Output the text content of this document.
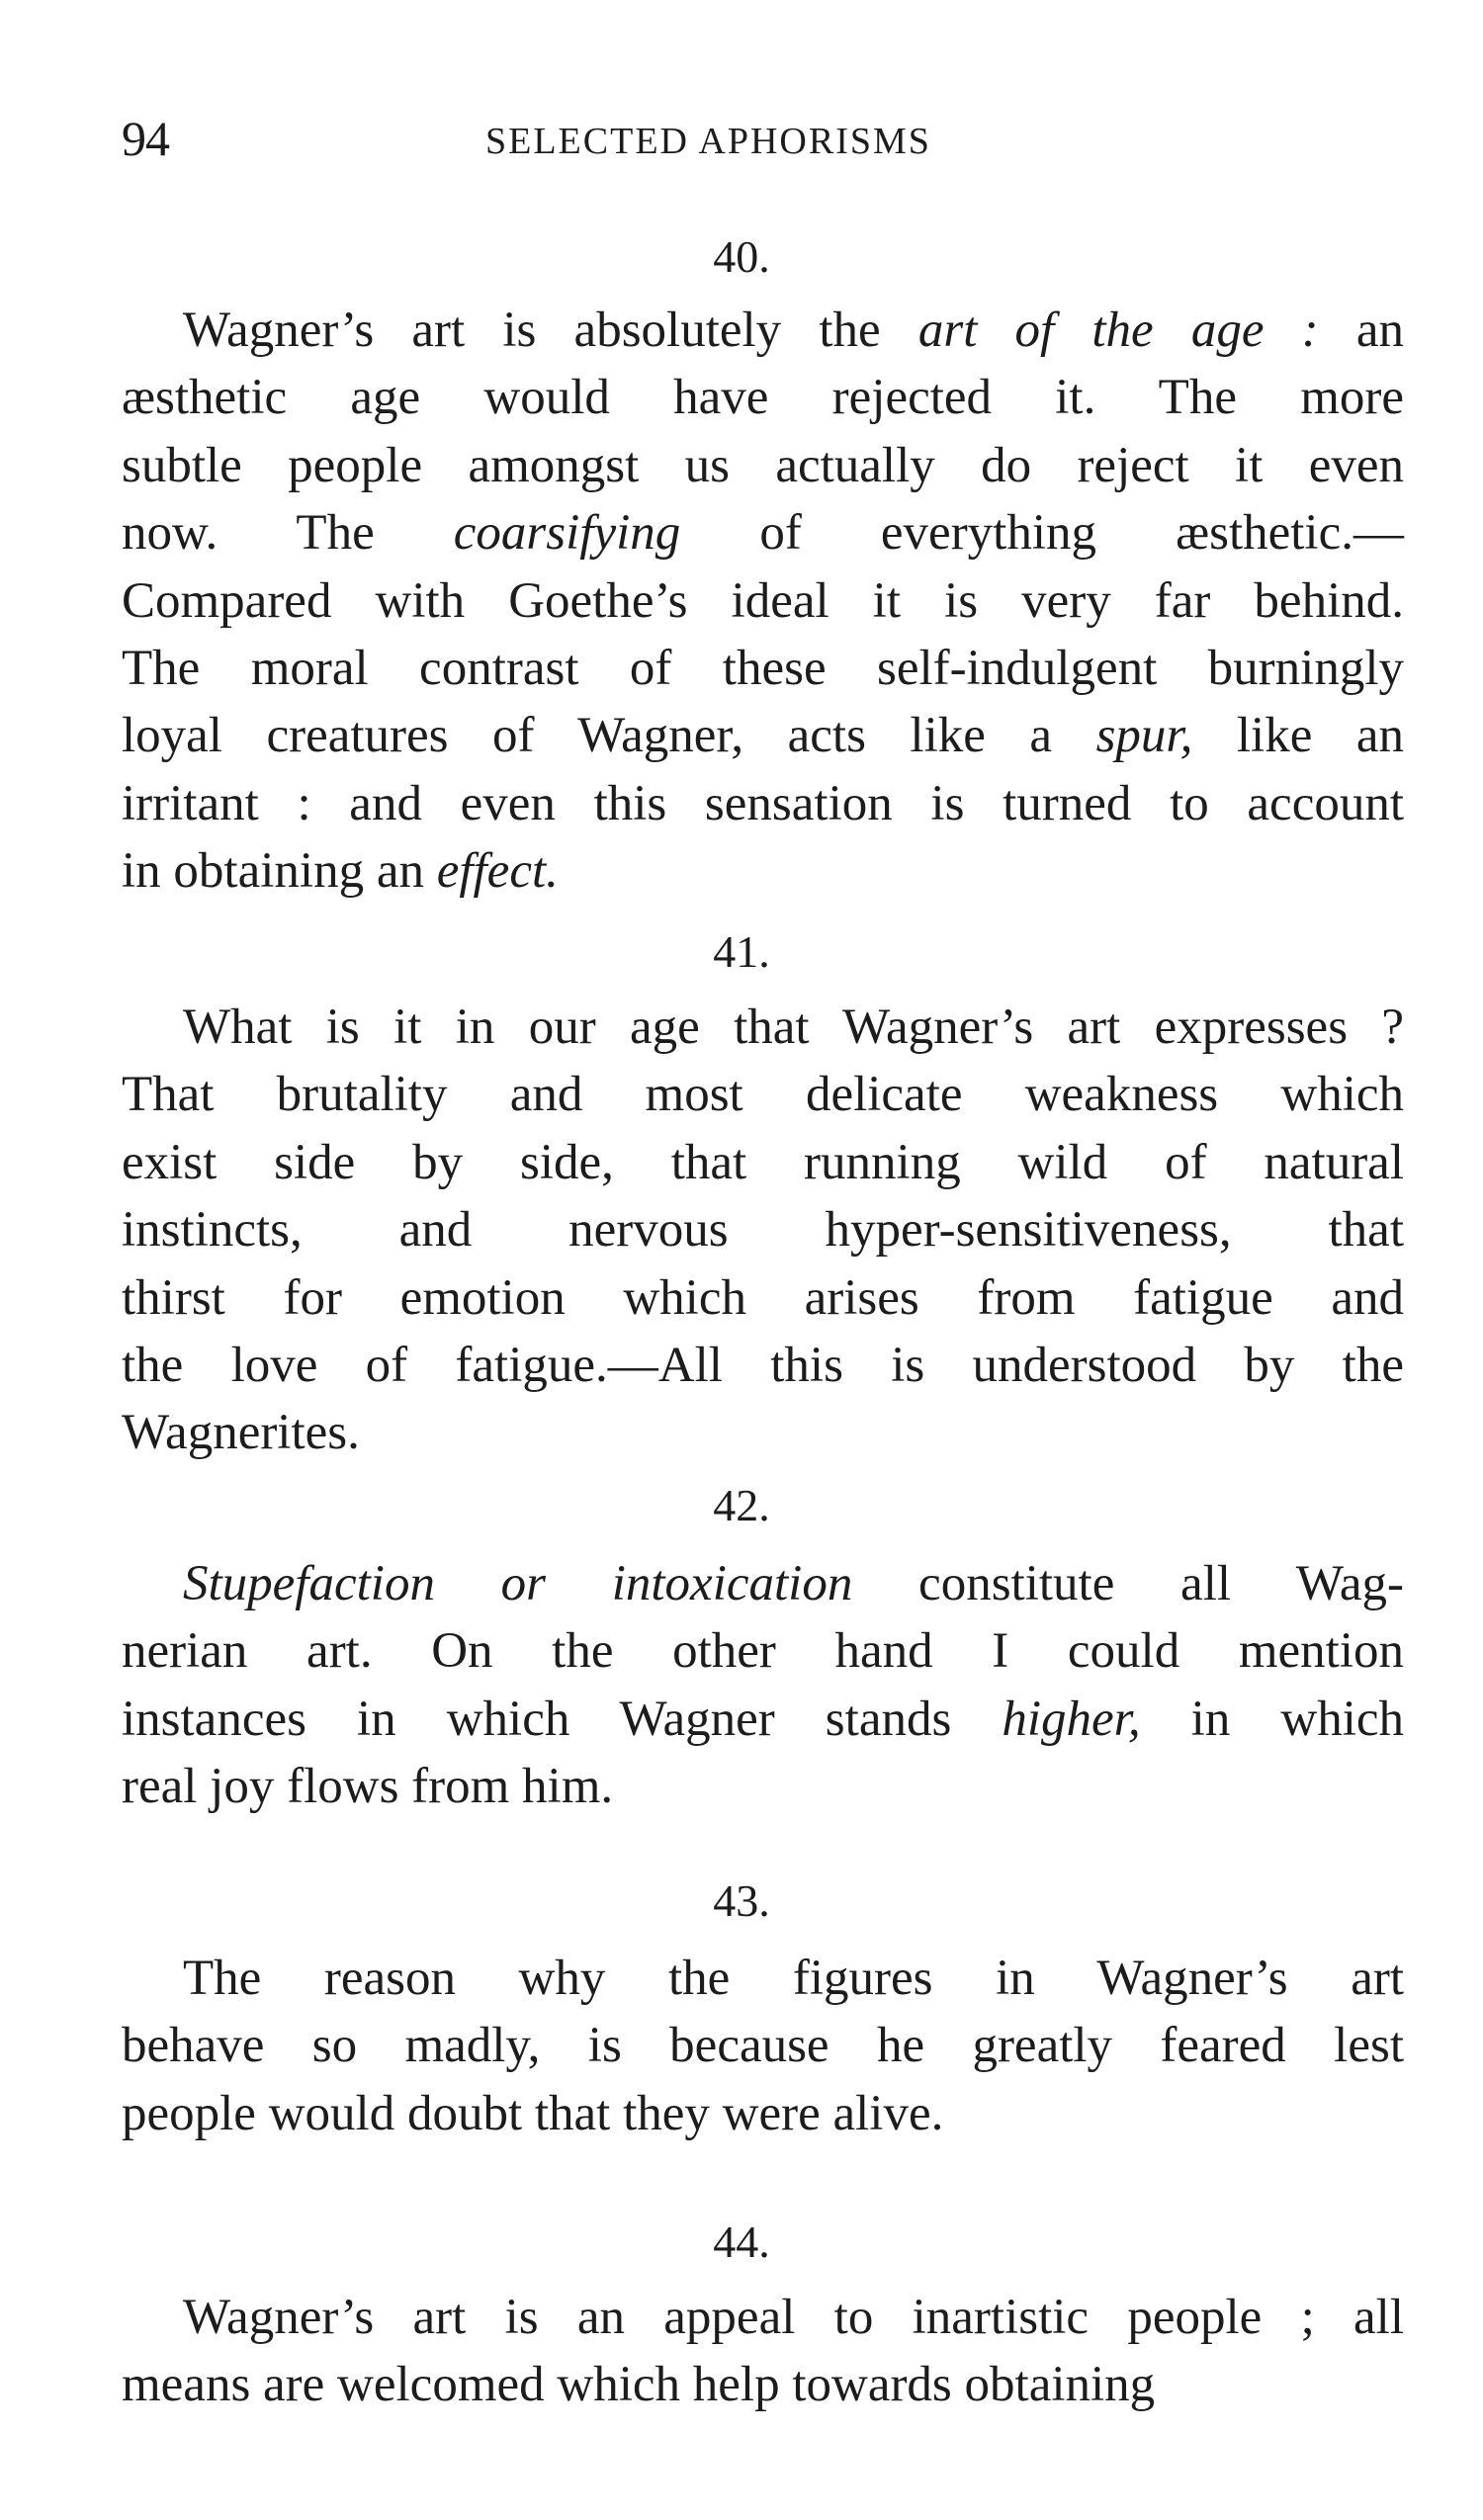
94	SELECTED APHORISMS
40.
Wagner’s art is absolutely the art of the age : an
æsthetic age would have rejected it. The more
subtle people amongst us actually do reject it even
now. The coarsifying of everything æsthetic.—
Compared with Goethe’s ideal it is very far behind.
The moral contrast of these self-indulgent burningly
loyal creatures of Wagner, acts like a spur, like an
irritant : and even this sensation is turned to account
in obtaining an effect.
41.
What is it in our age that Wagner’s art expresses ?
That brutality and most delicate weakness which
exist side by side, that running wild of natural
instincts, and nervous hyper-sensitiveness, that
thirst for emotion which arises from fatigue and
the love of fatigue.—All this is understood by the
Wagnerites.
42.
Stupefaction or intoxication constitute all Wag-
nerian art. On the other hand I could mention
instances in which Wagner stands higher, in which
real joy flows from him.
43.
The reason why the figures in Wagner’s art
behave so madly, is because he greatly feared lest
people would doubt that they were alive.
44.
Wagner’s art is an appeal to inartistic people ; all
means are welcomed which help towards obtaining
